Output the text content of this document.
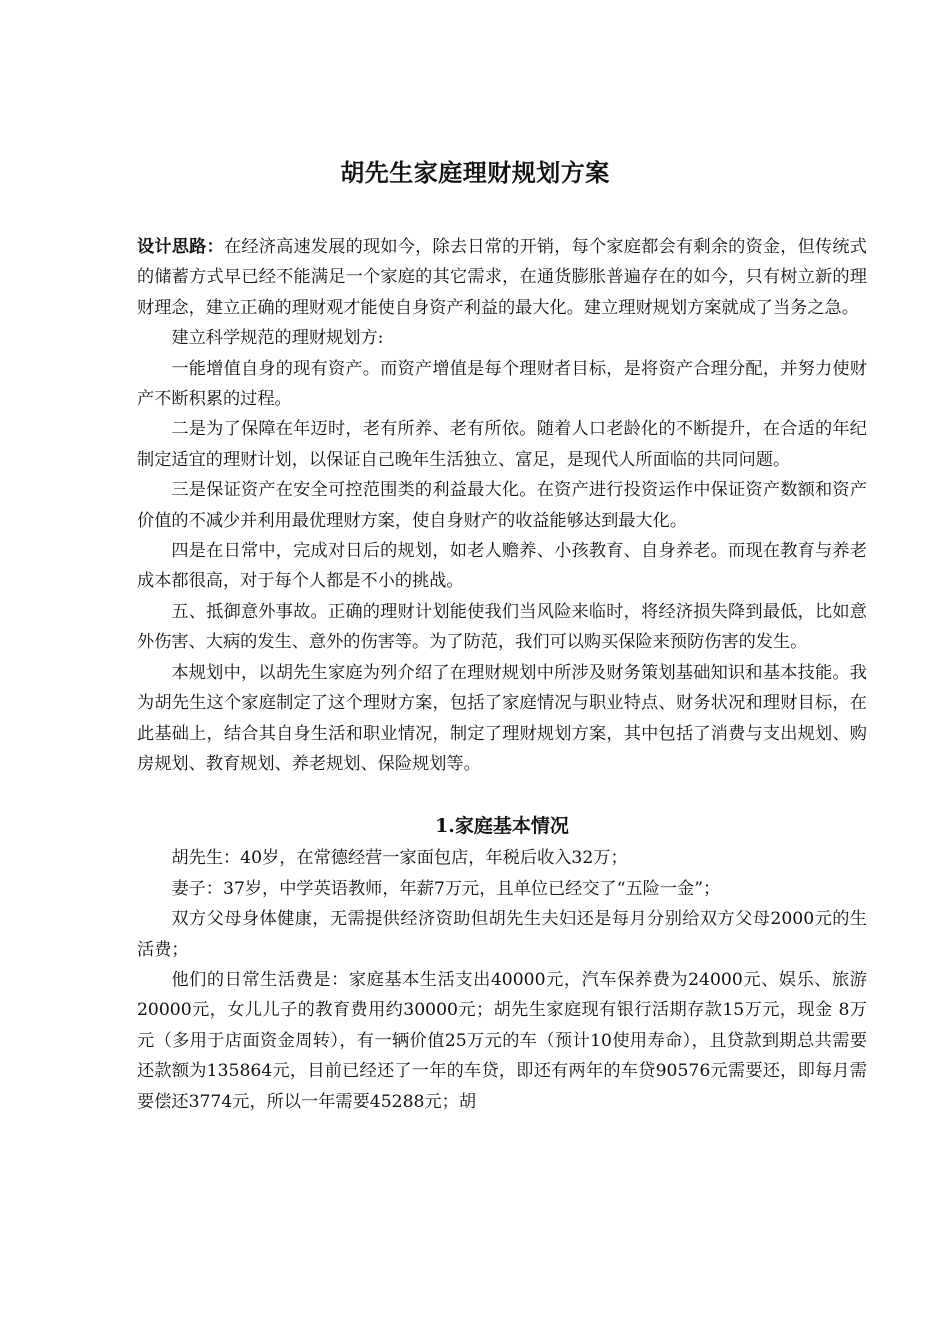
胡先生家庭理财规划方案

设计思路：在经济高速发展的现如今，除去日常的开销，每个家庭都会有剩余的资金，但传统式的储蓄方式早已经不能满足一个家庭的其它需求，在通货膨胀普遍存在的如今，只有树立新的理财理念，建立正确的理财观才能使自身资产利益的最大化。建立理财规划方案就成了当务之急。

建立科学规范的理财规划方:

一能增值自身的现有资产。而资产增值是每个理财者目标，是将资产合理分配，并努力使财产不断积累的过程。

二是为了保障在年迈时，老有所养、老有所依。随着人口老龄化的不断提升，在合适的年纪制定适宜的理财计划，以保证自己晚年生活独立、富足，是现代人所面临的共同问题。

三是保证资产在安全可控范围类的利益最大化。在资产进行投资运作中保证资产数额和资产价值的不减少并利用最优理财方案，使自身财产的收益能够达到最大化。

四是在日常中，完成对日后的规划，如老人赡养、小孩教育、自身养老。而现在教育与养老成本都很高，对于每个人都是不小的挑战。

五、抵御意外事故。正确的理财计划能使我们当风险来临时，将经济损失降到最低，比如意外伤害、大病的发生、意外的伤害等。为了防范，我们可以购买保险来预防伤害的发生。

本规划中，以胡先生家庭为列介绍了在理财规划中所涉及财务策划基础知识和基本技能。我为胡先生这个家庭制定了这个理财方案，包括了家庭情况与职业特点、财务状况和理财目标，在此基础上，结合其自身生活和职业情况，制定了理财规划方案，其中包括了消费与支出规划、购房规划、教育规划、养老规划、保险规划等。

1.家庭基本情况

胡先生：40岁，在常德经营一家面包店，年税后收入32万；

妻子：37岁，中学英语教师，年薪7万元，且单位已经交了“五险一金”；

双方父母身体健康，无需提供经济资助但胡先生夫妇还是每月分别给双方父母2000元的生活费；

他们的日常生活费是：家庭基本生活支出40000元，汽车保养费为24000元、娱乐、旅游20000元，女儿儿子的教育费用约30000元；胡先生家庭现有银行活期存款15万元，现金 8万元（多用于店面资金周转），有一辆价值25万元的车（预计10使用寿命），且贷款到期总共需要还款额为135864元，目前已经还了一年的车贷，即还有两年的车贷90576元需要还，即每月需要偿还3774元，所以一年需要45288元；胡
